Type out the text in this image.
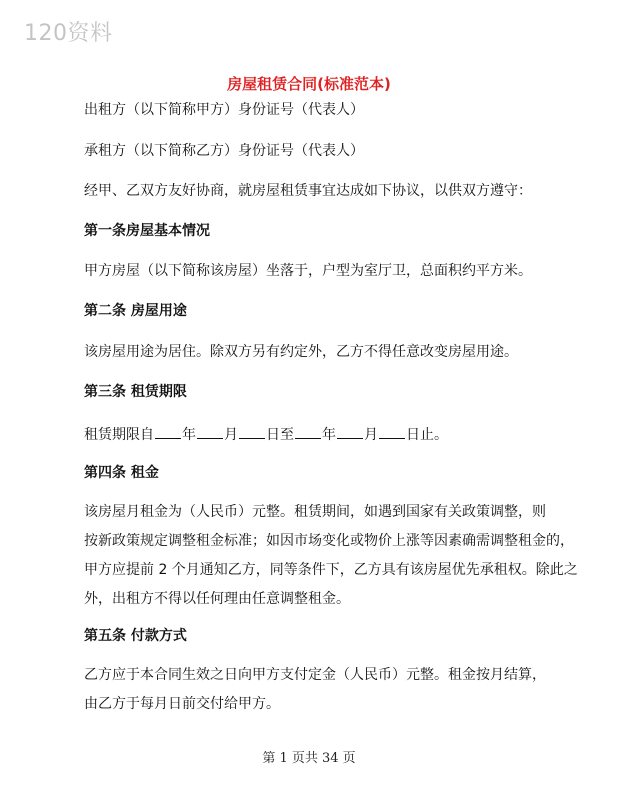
120资料
房屋租赁合同(标准范本)
出租方（以下简称甲方）身份证号（代表人）
承租方（以下简称乙方）身份证号（代表人）
经甲、乙双方友好协商，就房屋租赁事宜达成如下协议，以供双方遵守：
第一条房屋基本情况
甲方房屋（以下简称该房屋）坐落于，户型为室厅卫，总面积约平方米。
第二条 房屋用途
该房屋用途为居住。除双方另有约定外，乙方不得任意改变房屋用途。
第三条 租赁期限
租赁期限自 年 月 日至 年 月 日止。
第四条 租金
该房屋月租金为（人民币）元整。租赁期间，如遇到国家有关政策调整，则
按新政策规定调整租金标准；如因市场变化或物价上涨等因素确需调整租金的，
甲方应提前 2 个月通知乙方，同等条件下，乙方具有该房屋优先承租权。除此之
外，出租方不得以任何理由任意调整租金。
第五条 付款方式
乙方应于本合同生效之日向甲方支付定金（人民币）元整。租金按月结算，
由乙方于每月日前交付给甲方。
第 1 页共 34 页
